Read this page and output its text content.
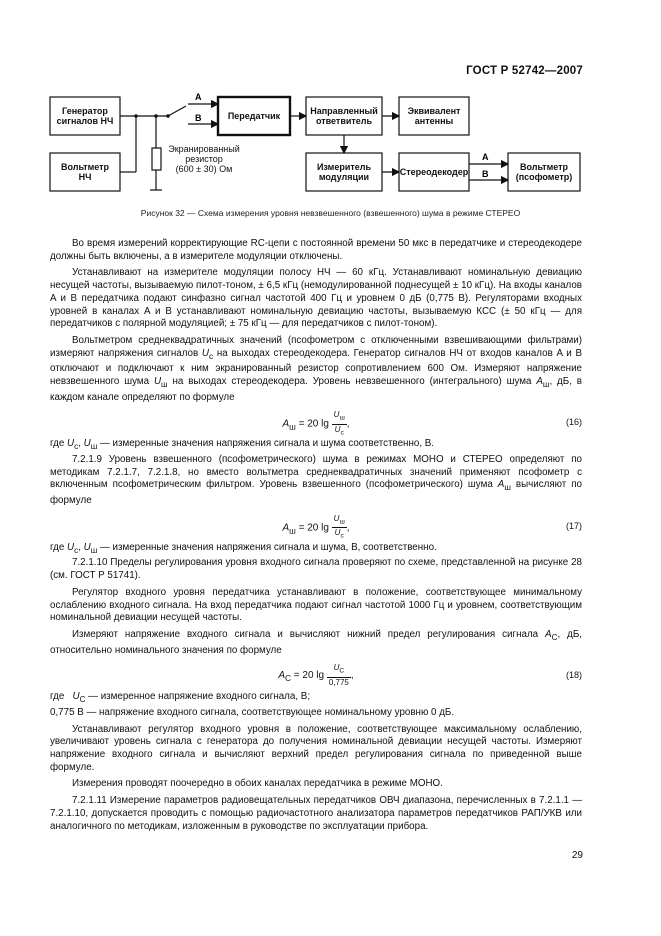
ГОСТ Р 52742—2007
Генератор сигналов НЧ	Передатчик	Направленный ответвитель
Эквивалент антенны
Вольтметр НЧ
Измеритель модуляции	Стереодекодер	Вольтметр (псофометр)
Экранированный резистор (600 ± 30) Ом
A
B
A
B
Рисунок 32 — Схема измерения уровня невзвешенного (взвешенного) шума в режиме СТЕРЕО

Во время измерений корректирующие RC-цепи с постоянной времени 50 мкс в передатчике и стереодекодере должны быть включены, а в измерителе модуляции отключены.

Устанавливают на измерителе модуляции полосу НЧ — 60 кГц. Устанавливают номинальную девиацию несущей частоты, вызываемую пилот-тоном, ± 6,5 кГц (немодулированной поднесущей ± 10 кГц). На входы каналов A и B передатчика подают синфазно сигнал частотой 400 Гц и уровнем 0 дБ (0,775 В). Регуляторами входных уровней в каналах A и B устанавливают номинальную девиацию частоты, вызываемую КСС (± 50 кГц — для передатчиков с полярной модуляцией; ± 75 кГц — для передатчиков с пилот-тоном).

Вольтметром среднеквадратичных значений (псофометром с отключенными взвешивающими фильтрами) измеряют напряжения сигналов $U_с$ на выходах стереодекодера. Генератор сигналов НЧ от входов каналов A и B отключают и подключают к ним экранированный резистор сопротивлением 600 Ом. Измеряют напряжение невзвешенного шума $U_ш$ на выходах стереодекодера. Уровень невзвешенного (интегрального) шума $A_ш$, дБ, в каждом канале определяют по формуле

$A_ш = 20$ $\lg \frac{U_ш}{U_с}$ ,	(16)

где $U_с$, $U_ш$ — измеренные значения напряжения сигнала и шума соответственно, В.

7.2.1.9 Уровень взвешенного (псофометрического) шума в режимах МОНО и СТЕРЕО определяют по методикам 7.2.1.7, 7.2.1.8, но вместо вольтметра среднеквадратичных значений применяют псофометр с включенным псофометрическим фильтром. Уровень взвешенного (псофометрического) шума $A_ш$ вычисляют по формуле

$A_ш = 20$ $\lg \frac{U_ш}{U_с}$ ,	(17)

где $U_с$, $U_ш$ — измеренные значения напряжения сигнала и шума, В, соответственно.

7.2.1.10 Пределы регулирования уровня входного сигнала проверяют по схеме, представленной на рисунке 28 (см. ГОСТ Р 51741).

Регулятор входного уровня передатчика устанавливают в положение, соответствующее минимальному ослаблению входного сигнала. На вход передатчика подают сигнал частотой 1000 Гц и уровнем, соответствующим номинальной девиации несущей частоты.

Измеряют напряжение входного сигнала и вычисляют нижний предел регулирования сигнала $A_С$, дБ, относительно номинального значения по формуле

$A_С = 20$ $\lg \frac{U_С}{0,775}$ ,	(18)

где $U_С$ — измеренное напряжение входного сигнала, В;

0,775 В — напряжение входного сигнала, соответствующее номинальному уровню 0 дБ.

Устанавливают регулятор входного уровня в положение, соответствующее максимальному ослаблению, увеличивают уровень сигнала с генератора до получения номинальной девиации несущей частоты. Измеряют напряжение входного сигнала и вычисляют верхний предел регулирования сигнала по приведенной выше формуле.

Измерения проводят поочередно в обоих каналах передатчика в режиме МОНО.

7.2.1.11 Измерение параметров радиовещательных передатчиков ОВЧ диапазона, перечисленных в 7.2.1.1 — 7.2.1.10, допускается проводить с помощью радиочастотного анализатора параметров передатчиков РАП/УКВ или аналогичного по методикам, изложенным в руководстве по эксплуатации прибора.

29
